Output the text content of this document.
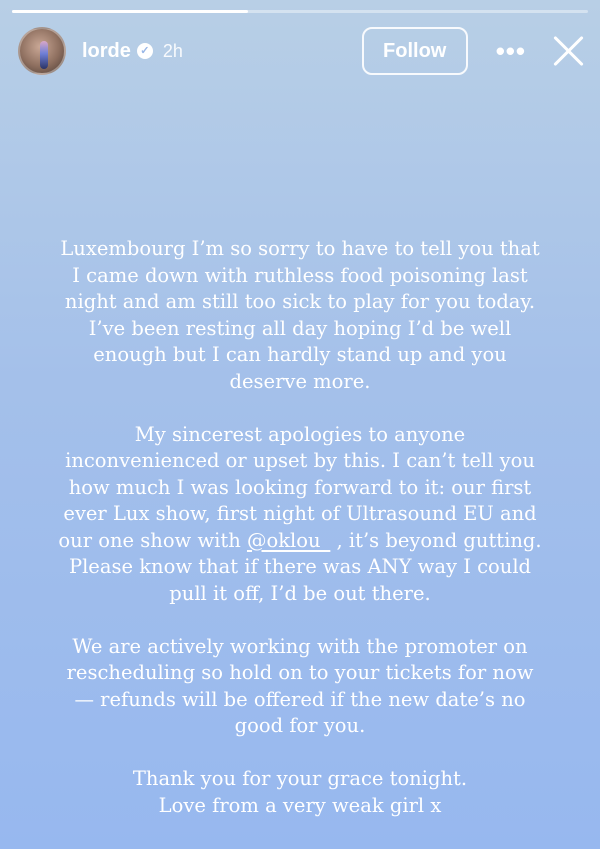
lorde ✓ 2h	Follow	•••

Luxembourg I’m so sorry to have to tell you that
I came down with ruthless food poisoning last
night and am still too sick to play for you today.
I’ve been resting all day hoping I’d be well
enough but I can hardly stand up and you
deserve more.

My sincerest apologies to anyone
inconvenienced or upset by this. I can’t tell you
how much I was looking forward to it: our first
ever Lux show, first night of Ultrasound EU and
our one show with @oklou_ , it’s beyond gutting.
Please know that if there was ANY way I could
pull it off, I’d be out there.

We are actively working with the promoter on
rescheduling so hold on to your tickets for now
— refunds will be offered if the new date’s no
good for you.

Thank you for your grace tonight.
Love from a very weak girl x
